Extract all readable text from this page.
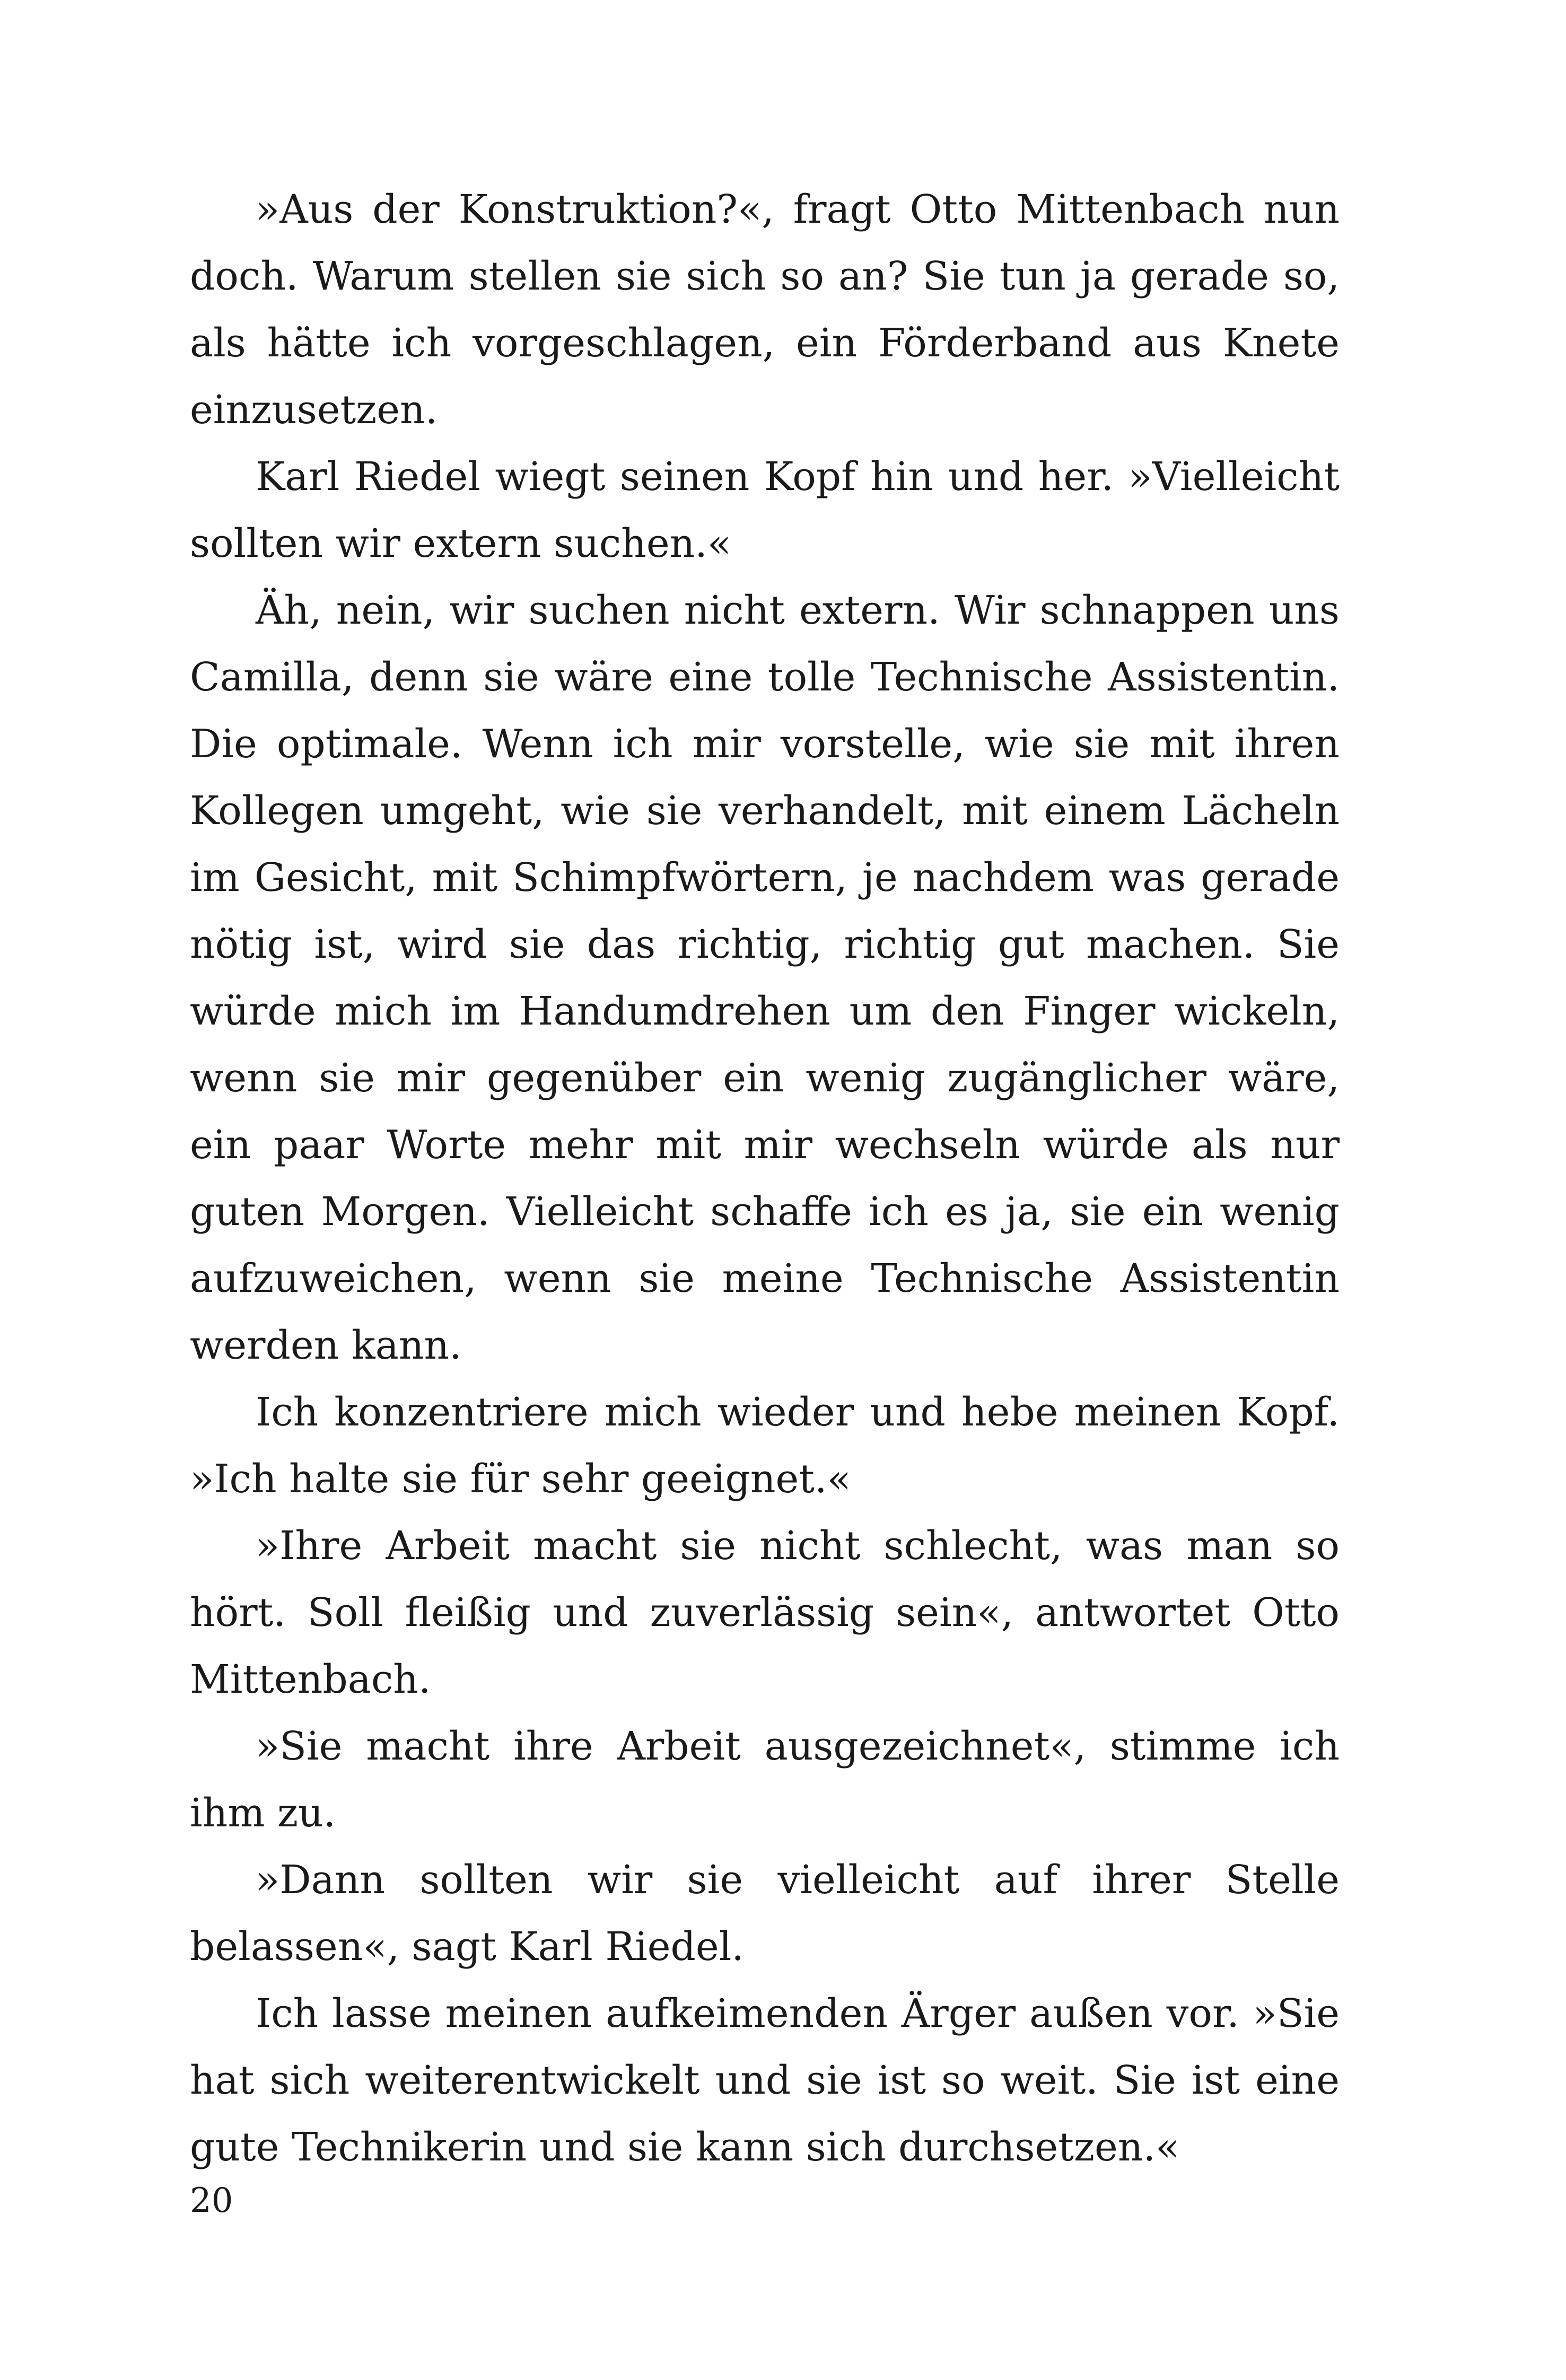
»Aus der Konstruktion?«, fragt Otto Mittenbach nun doch. Warum stellen sie sich so an? Sie tun ja gerade so, als hätte ich vorgeschlagen, ein Förderband aus Knete einzusetzen.

Karl Riedel wiegt seinen Kopf hin und her. »Vielleicht sollten wir extern suchen.«

Äh, nein, wir suchen nicht extern. Wir schnappen uns Camilla, denn sie wäre eine tolle Technische Assistentin. Die optimale. Wenn ich mir vorstelle, wie sie mit ihren Kollegen umgeht, wie sie verhandelt, mit einem Lächeln im Gesicht, mit Schimpfwörtern, je nachdem was gerade nötig ist, wird sie das richtig, richtig gut machen. Sie würde mich im Handumdrehen um den Finger wickeln, wenn sie mir gegenüber ein wenig zugänglicher wäre, ein paar Worte mehr mit mir wechseln würde als nur guten Morgen. Vielleicht schaffe ich es ja, sie ein wenig aufzuweichen, wenn sie meine Technische Assistentin werden kann.

Ich konzentriere mich wieder und hebe meinen Kopf. »Ich halte sie für sehr geeignet.«

»Ihre Arbeit macht sie nicht schlecht, was man so hört. Soll fleißig und zuverlässig sein«, antwortet Otto Mittenbach.

»Sie macht ihre Arbeit ausgezeichnet«, stimme ich ihm zu.

»Dann sollten wir sie vielleicht auf ihrer Stelle belassen«, sagt Karl Riedel.

Ich lasse meinen aufkeimenden Ärger außen vor. »Sie hat sich weiterentwickelt und sie ist so weit. Sie ist eine gute Technikerin und sie kann sich durchsetzen.«

20
